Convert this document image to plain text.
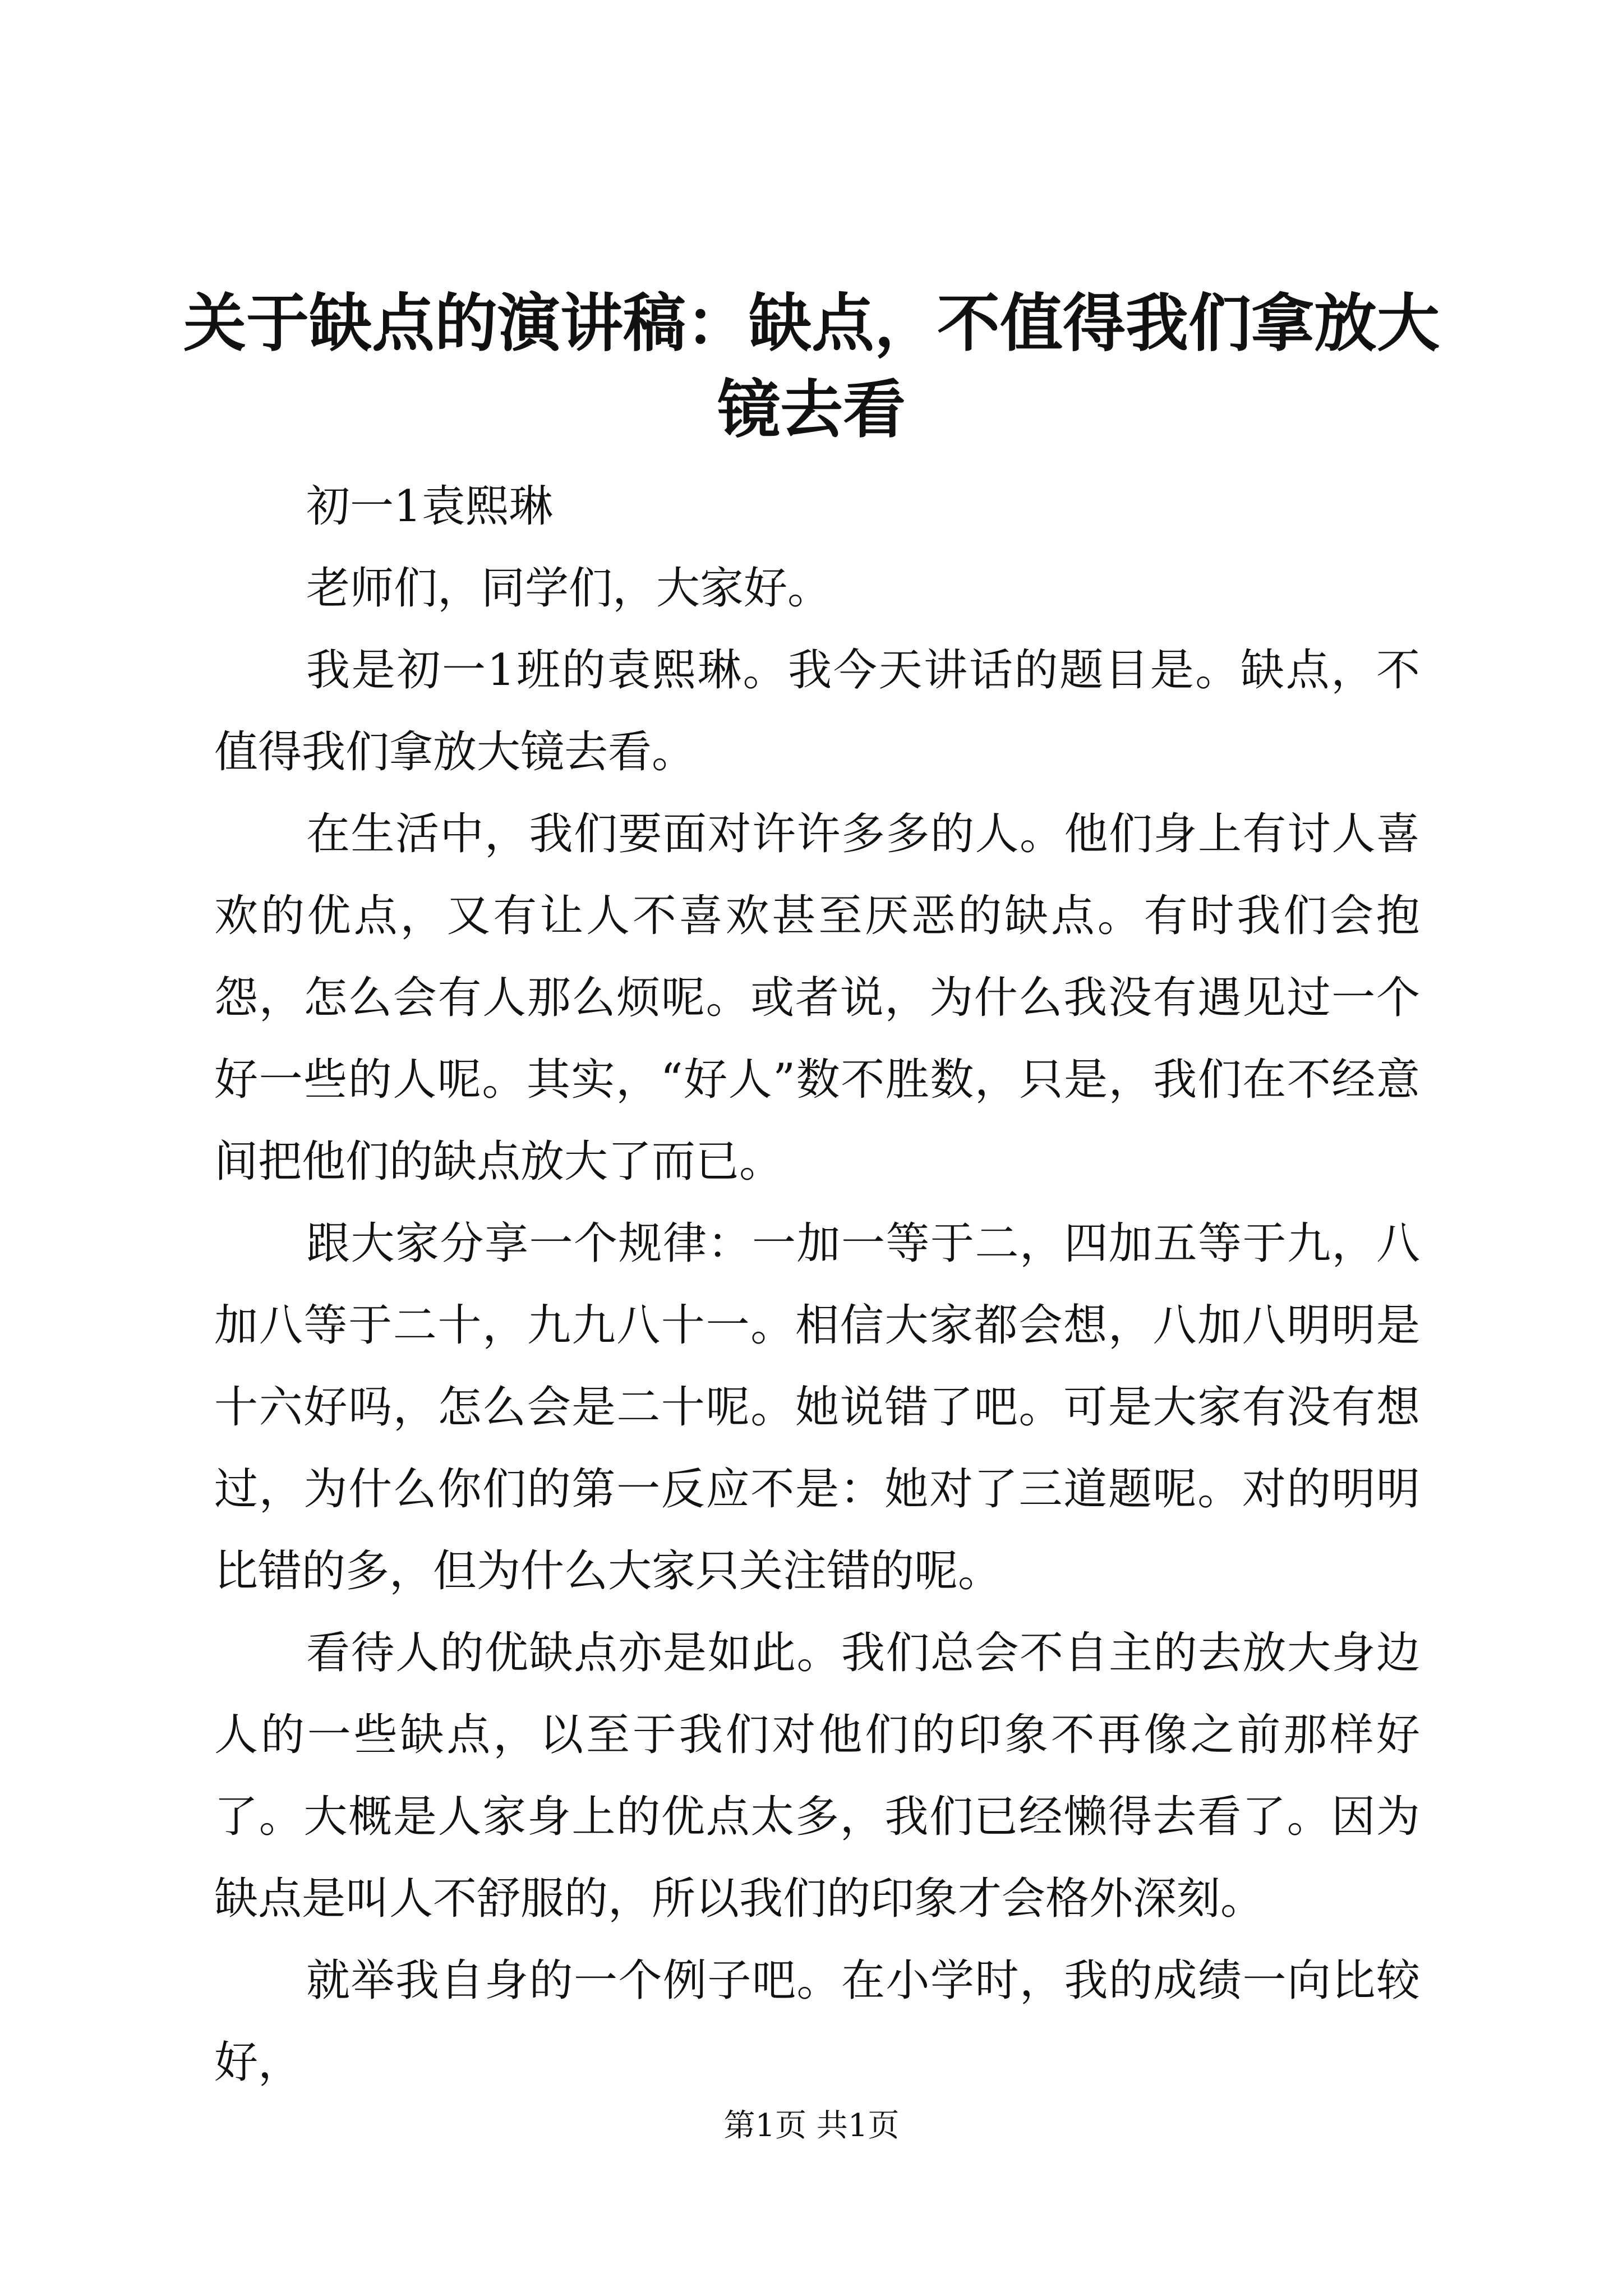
关于缺点的演讲稿：缺点，不值得我们拿放大镜去看

初一1袁熙琳

老师们，同学们，大家好。

我是初一1班的袁熙琳。我今天讲话的题目是。缺点，不值得我们拿放大镜去看。

在生活中，我们要面对许许多多的人。他们身上有讨人喜欢的优点，又有让人不喜欢甚至厌恶的缺点。有时我们会抱怨，怎么会有人那么烦呢。或者说，为什么我没有遇见过一个好一些的人呢。其实，“好人”数不胜数，只是，我们在不经意间把他们的缺点放大了而已。

跟大家分享一个规律：一加一等于二，四加五等于九，八加八等于二十，九九八十一。相信大家都会想，八加八明明是十六好吗，怎么会是二十呢。她说错了吧。可是大家有没有想过，为什么你们的第一反应不是：她对了三道题呢。对的明明比错的多，但为什么大家只关注错的呢。

看待人的优缺点亦是如此。我们总会不自主的去放大身边人的一些缺点，以至于我们对他们的印象不再像之前那样好了。大概是人家身上的优点太多，我们已经懒得去看了。因为缺点是叫人不舒服的，所以我们的印象才会格外深刻。

就举我自身的一个例子吧。在小学时，我的成绩一向比较好，

第1页 共1页
